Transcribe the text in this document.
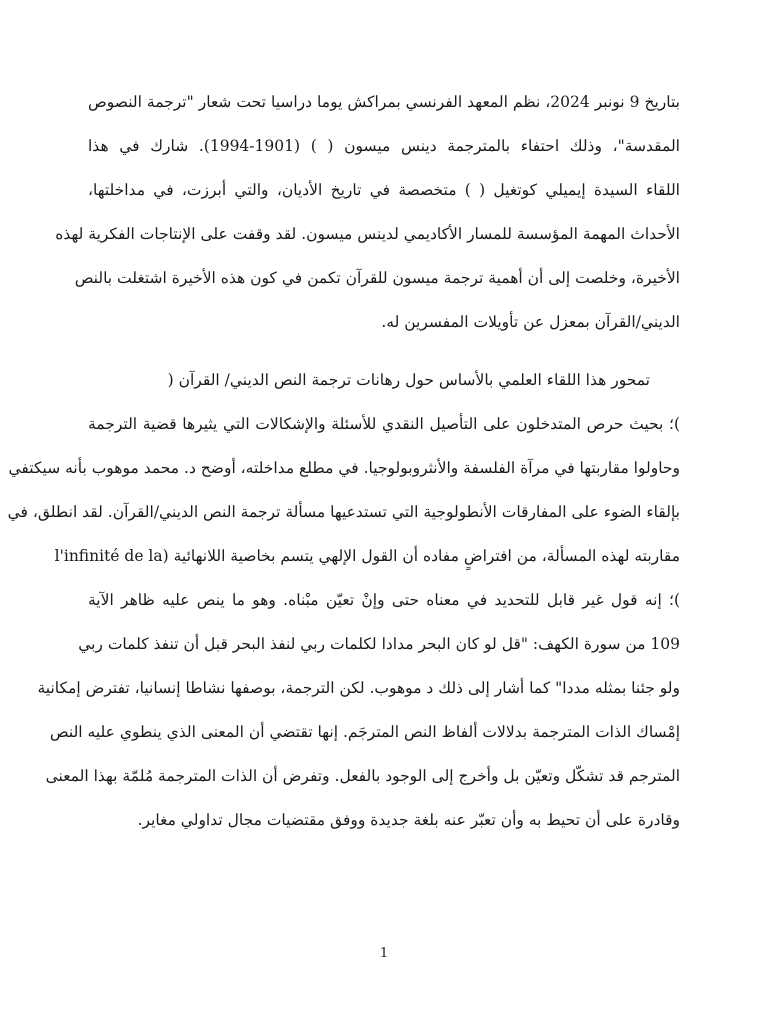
بتاريخ 9 نونبر 2024، نظم المعهد الفرنسي بمراكش يوما دراسيا تحت شعار "ترجمة النصوص
المقدسة"، وذلك احتفاء بالمترجمة دينس ميسون ( ) (1901-1994). شارك في هذا
اللقاء السيدة إيميلي كوتغيل ( ) متخصصة في تاريخ الأديان، والتي أبرزت، في مداخلتها،
الأحداث المهمة المؤسسة للمسار الأكاديمي لدينس ميسون. لقد وقفت على الإنتاجات الفكرية لهذه
الأخيرة، وخلصت إلى أن أهمية ترجمة ميسون للقرآن تكمن في كون هذه الأخيرة اشتغلت بالنص
الديني/القرآن بمعزل عن تأويلات المفسرين له.
تمحور هذا اللقاء العلمي بالأساس حول رهانات ترجمة النص الديني/ القرآن (
)؛ بحيث حرص المتدخلون على التأصيل النقدي للأسئلة والإشكالات التي يثيرها قضية الترجمة
وحاولوا مقاربتها في مرآة الفلسفة والأنثروبولوجيا. في مطلع مداخلته، أوضح د. محمد موهوب بأنه سيكتفي
بإلقاء الضوء على المفارقات الأنطولوجية التي تستدعيها مسألة ترجمة النص الديني/القرآن. لقد انطلق، في
مقاربته لهذه المسألة، من افتراضٍ مفاده أن القول الإلهي يتسم بخاصية اللانهائية (l'infinité de la
)؛ إنه قول غير قابل للتحديد في معناه حتى وإنْ تعيّن مبْناه. وهو ما ينص عليه ظاهر الآية
109 من سورة الكهف: "قل لو كان البحر مدادا لكلمات ربي لنفذ البحر قبل أن تنفذ كلمات ربي
ولو جئنا بمثله مددا" كما أشار إلى ذلك د موهوب. لكن الترجمة، بوصفها نشاطا إنسانيا، تفترض إمكانية
إمْساك الذات المترجمة بدلالات ألفاظ النص المترجَم. إنها تقتضي أن المعنى الذي ينطوي عليه النص
المترجم قد تشكّل وتعيّن بل وأخرج إلى الوجود بالفعل. وتفرض أن الذات المترجمة مُلمّة بهذا المعنى
وقادرة على أن تحيط به وأن تعبّر عنه بلغة جديدة ووفق مقتضيات مجال تداولي مغاير.
1
